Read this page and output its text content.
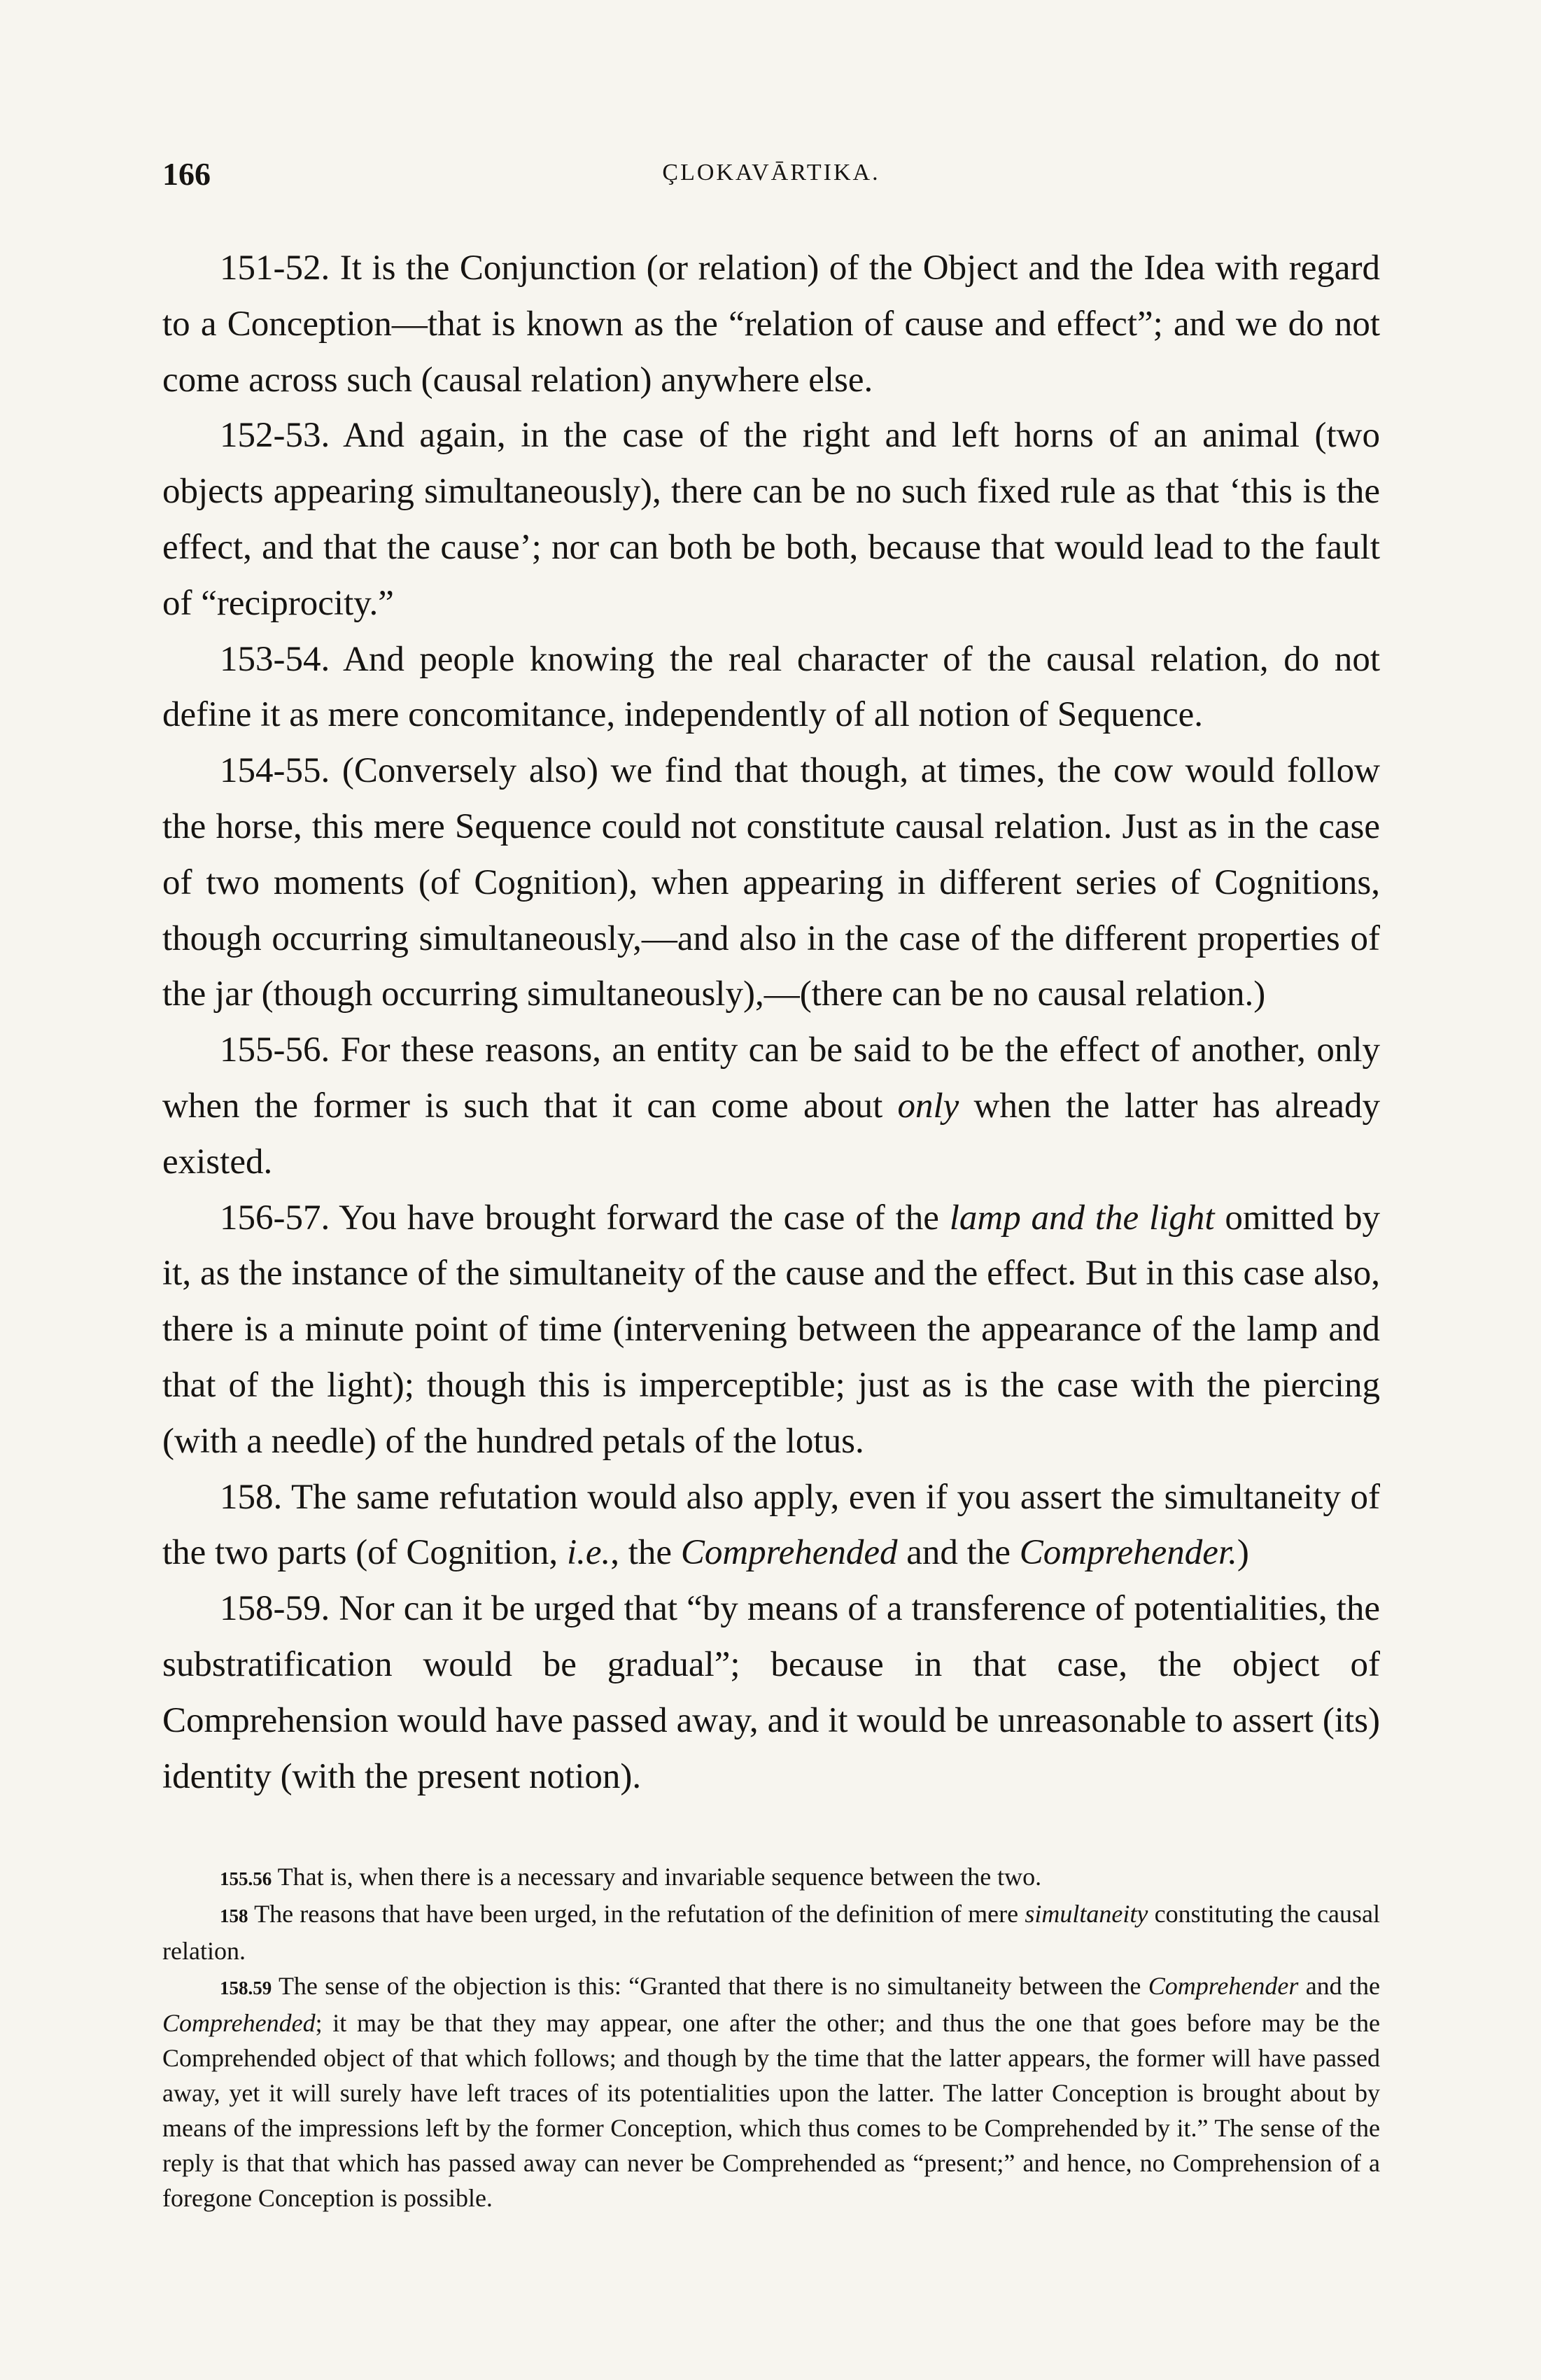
166	ÇLOKAVĀRTIKA.

151-52. It is the Conjunction (or relation) of the Object and the Idea with regard to a Conception—that is known as the “relation of cause and effect”; and we do not come across such (causal relation) anywhere else.

152-53. And again, in the case of the right and left horns of an animal (two objects appearing simultaneously), there can be no such fixed rule as that ‘this is the effect, and that the cause’; nor can both be both, because that would lead to the fault of “reciprocity.”

153-54. And people knowing the real character of the causal relation, do not define it as mere concomitance, independently of all notion of Sequence.

154-55. (Conversely also) we find that though, at times, the cow would follow the horse, this mere Sequence could not constitute causal relation. Just as in the case of two moments (of Cognition), when appearing in different series of Cognitions, though occurring simultaneously,—and also in the case of the different properties of the jar (though occurring simultaneously),—(there can be no causal relation.)

155-56. For these reasons, an entity can be said to be the effect of another, only when the former is such that it can come about only when the latter has already existed.

156-57. You have brought forward the case of the lamp and the light omitted by it, as the instance of the simultaneity of the cause and the effect. But in this case also, there is a minute point of time (intervening between the appearance of the lamp and that of the light); though this is imperceptible; just as is the case with the piercing (with a needle) of the hundred petals of the lotus.

158. The same refutation would also apply, even if you assert the simultaneity of the two parts (of Cognition, i.e., the Comprehended and the Comprehender.)

158-59. Nor can it be urged that “by means of a transference of potentialities, the substratification would be gradual”; because in that case, the object of Comprehension would have passed away, and it would be unreasonable to assert (its) identity (with the present notion).

155.56 That is, when there is a necessary and invariable sequence between the two.

158 The reasons that have been urged, in the refutation of the definition of mere simultaneity constituting the causal relation.

158.59 The sense of the objection is this: “Granted that there is no simultaneity between the Comprehender and the Comprehended; it may be that they may appear, one after the other; and thus the one that goes before may be the Comprehended object of that which follows; and though by the time that the latter appears, the former will have passed away, yet it will surely have left traces of its potentialities upon the latter. The latter Conception is brought about by means of the impressions left by the former Conception, which thus comes to be Comprehended by it.” The sense of the reply is that that which has passed away can never be Comprehended as “present;” and hence, no Comprehension of a foregone Conception is possible.
